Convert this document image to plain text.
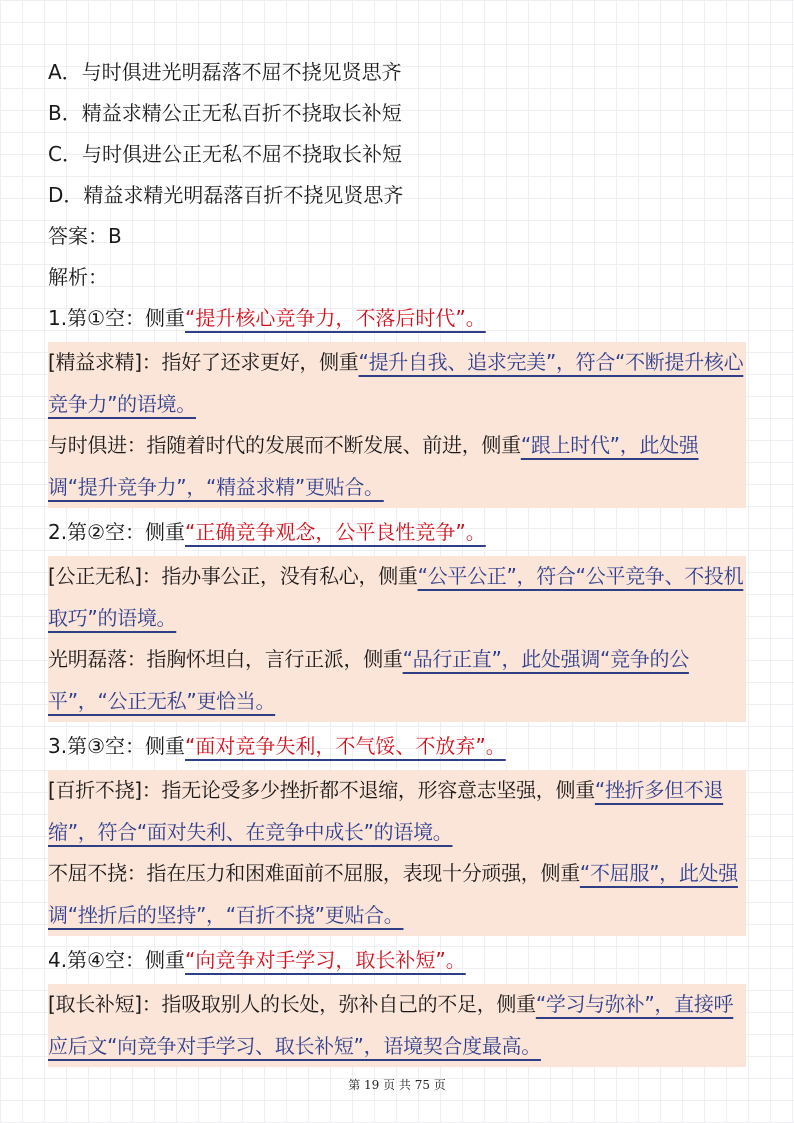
A．与时俱进光明磊落不屈不挠见贤思齐
B．精益求精公正无私百折不挠取长补短
C．与时俱进公正无私不屈不挠取长补短
D．精益求精光明磊落百折不挠见贤思齐
答案：B
解析：
1.第①空：侧重“提升核心竞争力，不落后时代”。
[精益求精]：指好了还求更好，侧重“提升自我、追求完美”，符合“不断提升核心竞争力”的语境。
与时俱进：指随着时代的发展而不断发展、前进，侧重“跟上时代”，此处强调“提升竞争力”，“精益求精”更贴合。
2.第②空：侧重“正确竞争观念，公平良性竞争”。
[公正无私]：指办事公正，没有私心，侧重“公平公正”，符合“公平竞争、不投机取巧”的语境。
光明磊落：指胸怀坦白，言行正派，侧重“品行正直”，此处强调“竞争的公平”，“公正无私”更恰当。
3.第③空：侧重“面对竞争失利，不气馁、不放弃”。
[百折不挠]：指无论受多少挫折都不退缩，形容意志坚强，侧重“挫折多但不退缩”，符合“面对失利、在竞争中成长”的语境。
不屈不挠：指在压力和困难面前不屈服，表现十分顽强，侧重“不屈服”，此处强调“挫折后的坚持”，“百折不挠”更贴合。
4.第④空：侧重“向竞争对手学习，取长补短”。
[取长补短]：指吸取别人的长处，弥补自己的不足，侧重“学习与弥补”，直接呼应后文“向竞争对手学习、取长补短”，语境契合度最高。
第 19 页 共 75 页
